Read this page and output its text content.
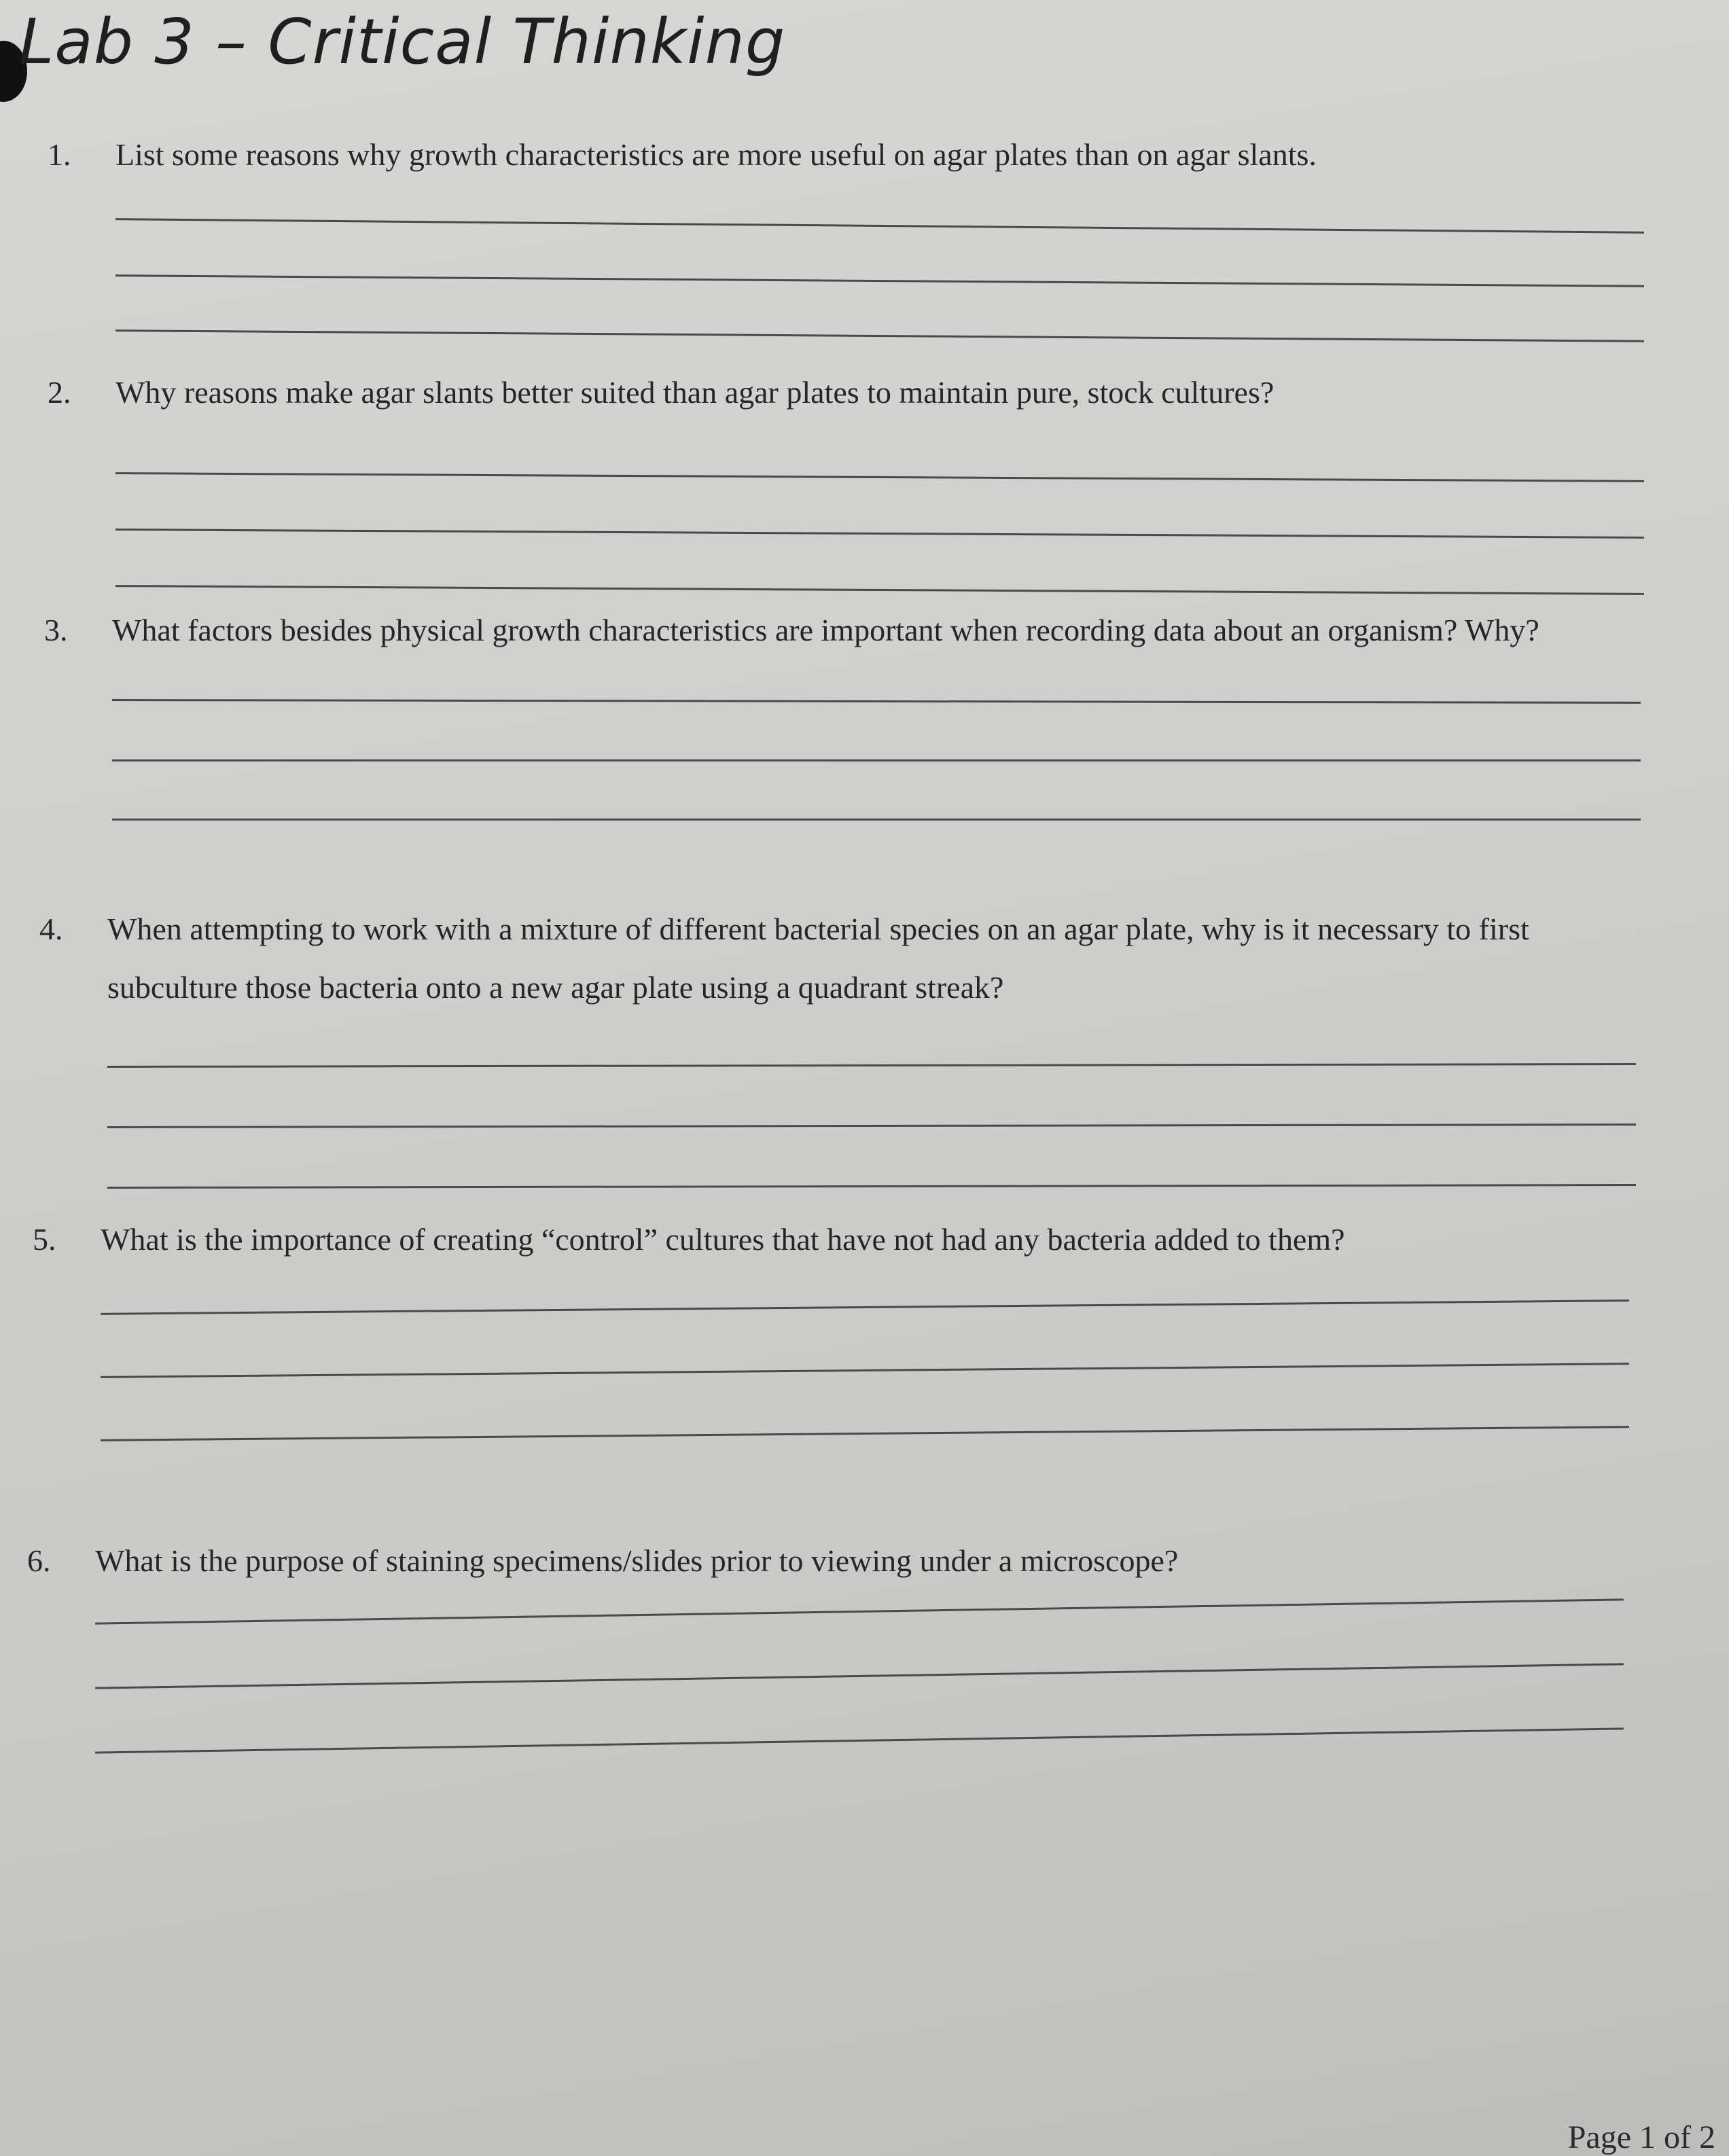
Lab 3 – Critical Thinking
1.	List some reasons why growth characteristics are more useful on agar plates than on agar slants.
2.	Why reasons make agar slants better suited than agar plates to maintain pure, stock cultures?
3.	What factors besides physical growth characteristics are important when recording data about an organism? Why?
4.	When attempting to work with a mixture of different bacterial species on an agar plate, why is it necessary to first subculture those bacteria onto a new agar plate using a quadrant streak?
5.	What is the importance of creating “control” cultures that have not had any bacteria added to them?
6.	What is the purpose of staining specimens/slides prior to viewing under a microscope?
Page 1 of 2
